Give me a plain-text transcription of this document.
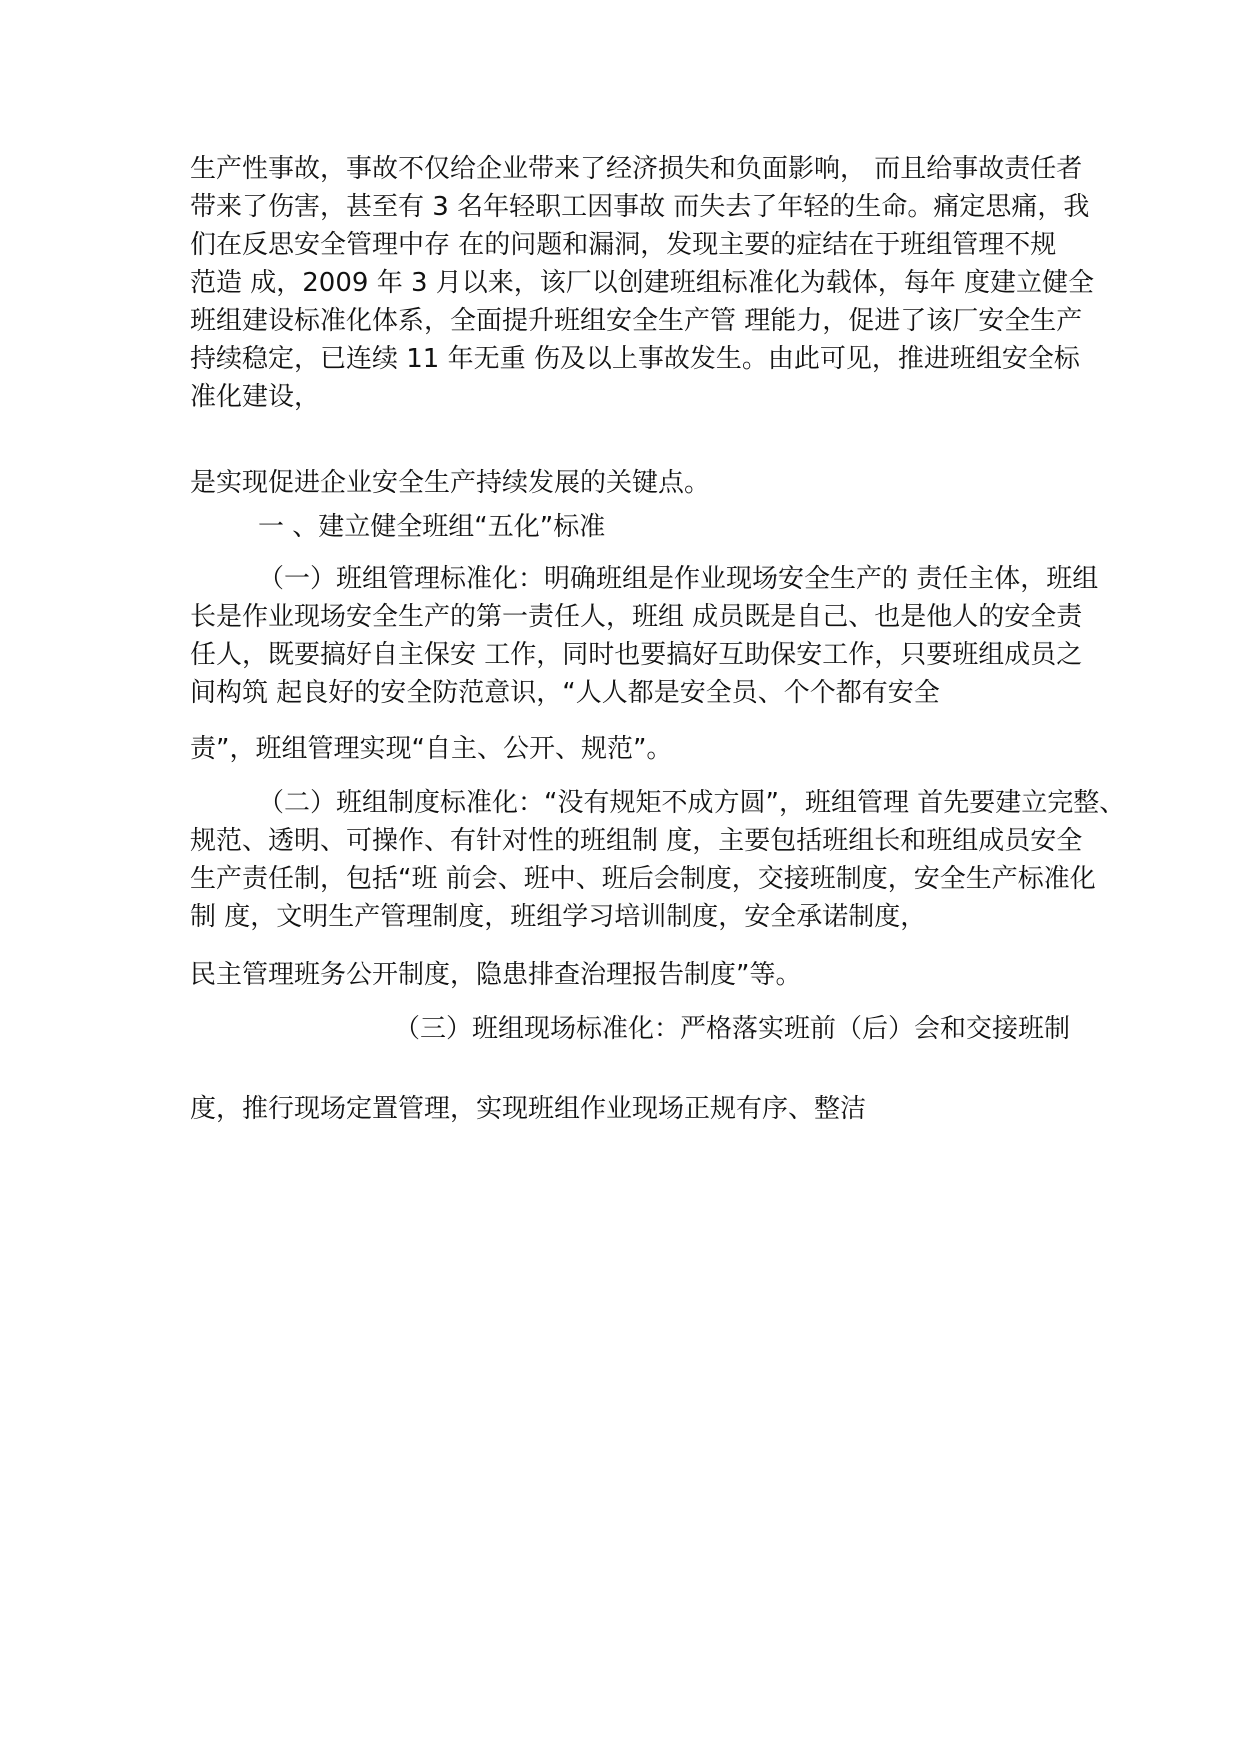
生产性事故，事故不仅给企业带来了经济损失和负面影响， 而且给事故责任者
带来了伤害，甚至有 3 名年轻职工因事故 而失去了年轻的生命。痛定思痛，我
们在反思安全管理中存 在的问题和漏洞，发现主要的症结在于班组管理不规
范造 成，2009 年 3 月以来，该厂以创建班组标准化为载体，每年 度建立健全
班组建设标准化体系，全面提升班组安全生产管 理能力，促进了该厂安全生产
持续稳定，已连续 11 年无重 伤及以上事故发生。由此可见，推进班组安全标
准化建设，

是实现促进企业安全生产持续发展的关键点。

一 、建立健全班组“五化”标准

（一）班组管理标准化：明确班组是作业现场安全生产的 责任主体，班组
长是作业现场安全生产的第一责任人，班组 成员既是自己、也是他人的安全责
任人，既要搞好自主保安 工作，同时也要搞好互助保安工作，只要班组成员之
间构筑 起良好的安全防范意识，“人人都是安全员、个个都有安全

责”，班组管理实现“自主、公开、规范”。

（二）班组制度标准化：“没有规矩不成方圆”，班组管理 首先要建立完整、
规范、透明、可操作、有针对性的班组制 度，主要包括班组长和班组成员安全
生产责任制，包括“班 前会、班中、班后会制度，交接班制度，安全生产标准化
制 度，文明生产管理制度，班组学习培训制度，安全承诺制度，

民主管理班务公开制度，隐患排查治理报告制度”等。

（三）班组现场标准化：严格落实班前（后）会和交接班制

度，推行现场定置管理，实现班组作业现场正规有序、整洁
